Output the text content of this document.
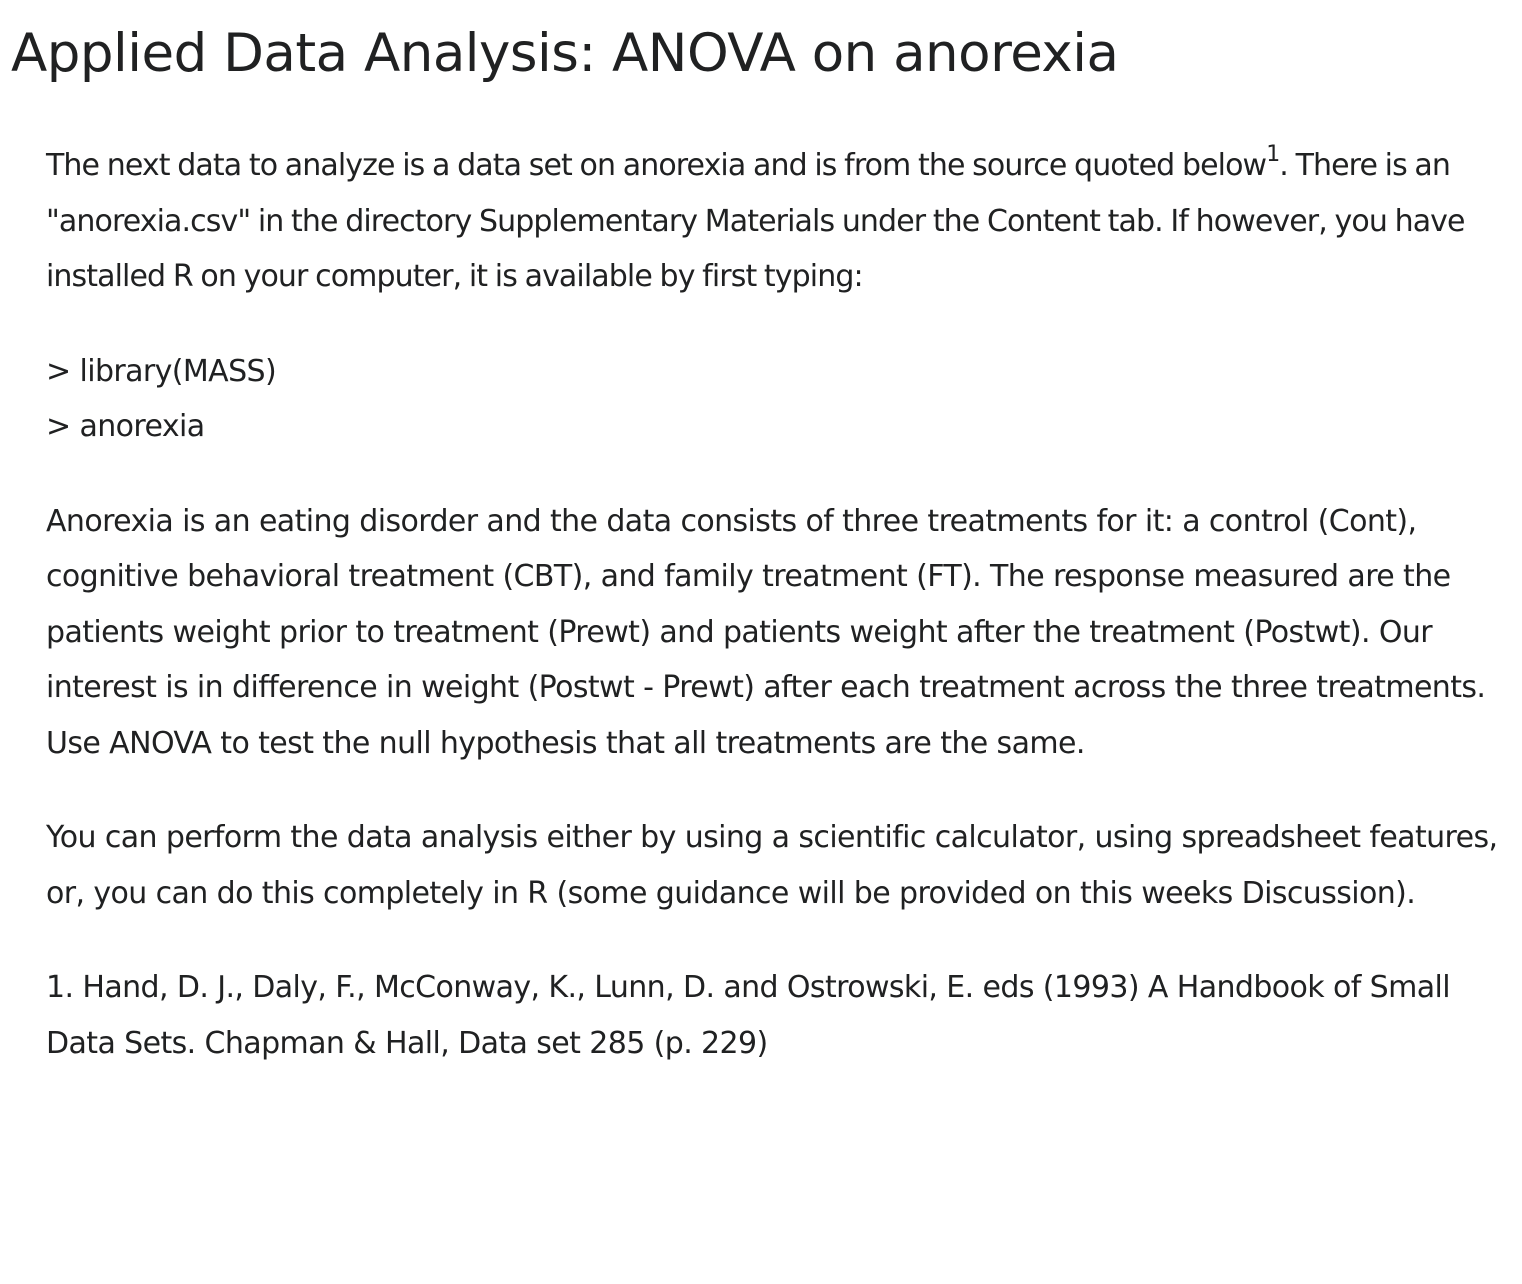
Applied Data Analysis: ANOVA on anorexia

The next data to analyze is a data set on anorexia and is from the source quoted below$^1$. There is an "anorexia.csv" in the directory Supplementary Materials under the Content tab. If however, you have installed R on your computer, it is available by first typing:

> library(MASS)
> anorexia

Anorexia is an eating disorder and the data consists of three treatments for it: a control (Cont), cognitive behavioral treatment (CBT), and family treatment (FT). The response measured are the patients weight prior to treatment (Prewt) and patients weight after the treatment (Postwt). Our interest is in difference in weight (Postwt - Prewt) after each treatment across the three treatments. Use ANOVA to test the null hypothesis that all treatments are the same.

You can perform the data analysis either by using a scientific calculator, using spreadsheet features, or, you can do this completely in R (some guidance will be provided on this weeks Discussion).

1. Hand, D. J., Daly, F., McConway, K., Lunn, D. and Ostrowski, E. eds (1993) A Handbook of Small Data Sets. Chapman & Hall, Data set 285 (p. 229)
